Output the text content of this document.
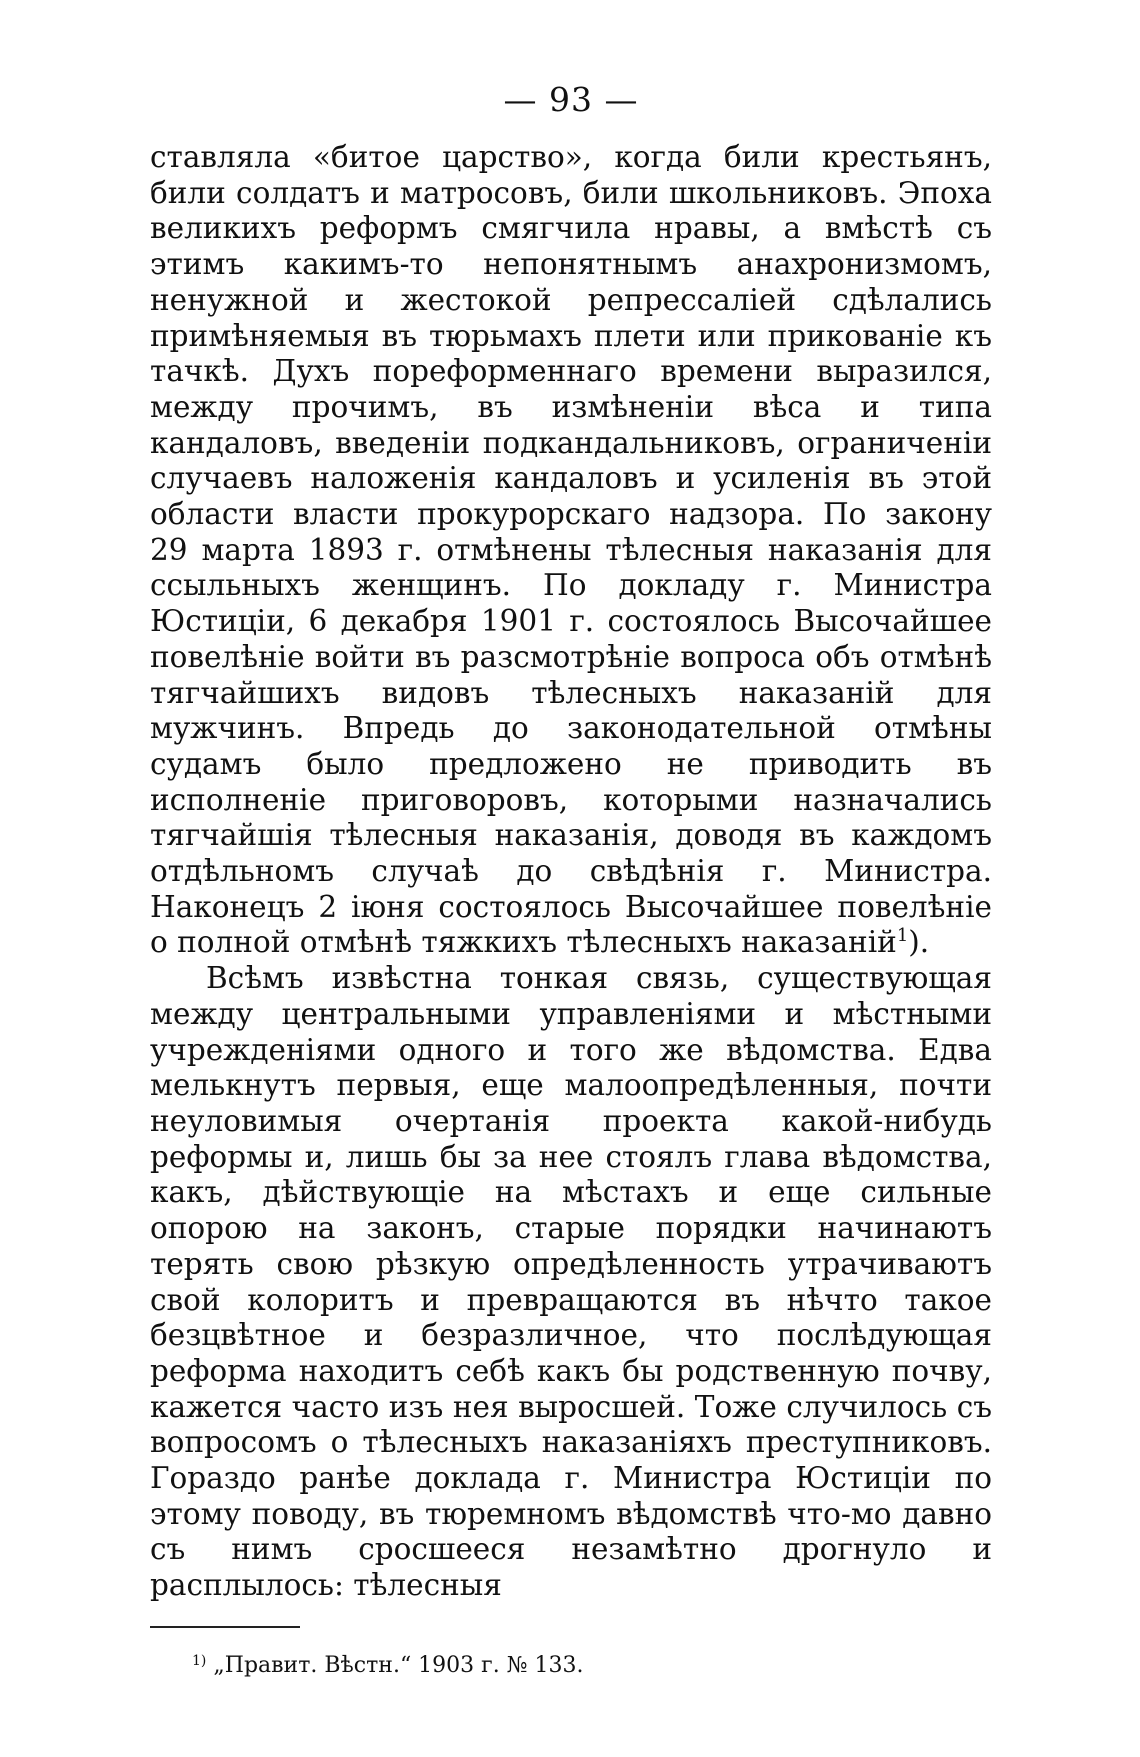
— 93 —

ставляла «битое царство», когда били крестьянъ, били солдатъ и матросовъ, били школьниковъ. Эпоха великихъ реформъ смягчила нравы, а вмѣстѣ съ этимъ какимъ-то непонятнымъ анахронизмомъ, ненужной и жестокой репрессаліей сдѣлались примѣняемыя въ тюрьмахъ плети или прикованіе къ тачкѣ. Духъ пореформеннаго времени выразился, между прочимъ, въ измѣненіи вѣса и типа кандаловъ, введеніи подкандальниковъ, ограниченіи случаевъ наложенія кандаловъ и усиленія въ этой области власти прокурорскаго надзора. По закону 29 марта 1893 г. отмѣнены тѣлесныя наказанія для ссыльныхъ женщинъ. По докладу г. Министра Юстиціи, 6 декабря 1901 г. состоялось Высочайшее повелѣніе войти въ разсмотрѣніе вопроса объ отмѣнѣ тягчайшихъ видовъ тѣлесныхъ наказаній для мужчинъ. Впредь до законодательной отмѣны судамъ было предложено не приводить въ исполненіе приговоровъ, которыми назначались тягчайшія тѣлесныя наказанія, доводя въ каждомъ отдѣльномъ случаѣ до свѣдѣнія г. Министра. Наконецъ 2 іюня состоялось Высочайшее повелѣніе о полной отмѣнѣ тяжкихъ тѣлесныхъ наказаній$^1$).

Всѣмъ извѣстна тонкая связь, существующая между центральными управленіями и мѣстными учрежденіями одного и того же вѣдомства. Едва мелькнутъ первыя, еще малоопредѣленныя, почти неуловимыя очертанія проекта какой-нибудь реформы и, лишь бы за нее стоялъ глава вѣдомства, какъ, дѣйствующіе на мѣстахъ и еще сильные опорою на законъ, старые порядки начинаютъ терять свою рѣзкую опредѣленность утрачиваютъ свой колоритъ и превращаются въ нѣчто такое безцвѣтное и безразличное, что послѣдующая реформа находитъ себѣ какъ бы родственную почву, кажется часто изъ нея выросшей. Тоже случилось съ вопросомъ о тѣлесныхъ наказаніяхъ преступниковъ. Гораздо ранѣе доклада г. Министра Юстиціи по этому поводу, въ тюремномъ вѣдомствѣ что-мо давно съ нимъ сросшееся незамѣтно дрогнуло и расплылось: тѣлесныя

$^{1)}$ „Правит. Вѣстн.“ 1903 г. № 133.
